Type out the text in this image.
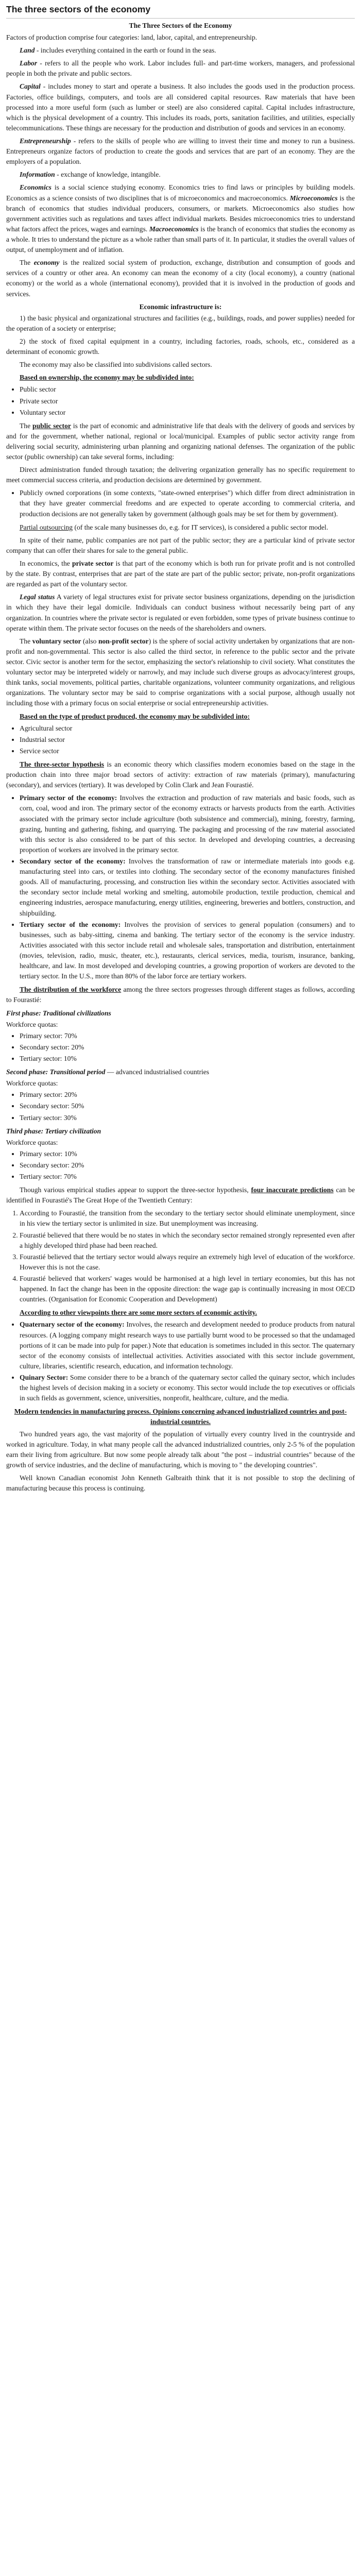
The three sectors of the economy
The Three Sectors of the Economy

Factors of production comprise four categories: land, labor, capital, and entrepreneurship.

Land - includes everything contained in the earth or found in the seas.

Labor - refers to all the people who work. Labor includes full- and part-time workers, managers, and professional people in both the private and public sectors.

Capital - includes money to start and operate a business. It also includes the goods used in the production process. Factories, office buildings, computers, and tools are all considered capital resources. Raw materials that have been processed into a more useful form (such as lumber or steel) are also considered capital. Capital includes infrastructure, which is the physical development of a country. This includes its roads, ports, sanitation facilities, and utilities, especially telecommunications. These things are necessary for the production and distribution of goods and services in an economy.

Entrepreneurship - refers to the skills of people who are willing to invest their time and money to run a business. Entrepreneurs organize factors of production to create the goods and services that are part of an economy. They are the employers of a population.

Information - exchange of knowledge, intangible.

Economics is a social science studying economy. Economics tries to find laws or principles by building models. Economics as a science consists of two disciplines that is of microeconomics and macroeconomics. Microeconomics is the branch of economics that studies individual producers, consumers, or markets. Microeconomics also studies how government activities such as regulations and taxes affect individual markets. Besides microeconomics tries to understand what factors affect the prices, wages and earnings. Macroeconomics is the branch of economics that studies the economy as a whole. It tries to understand the picture as a whole rather than small parts of it. In particular, it studies the overall values of output, of unemployment and of inflation.

The economy is the realized social system of production, exchange, distribution and consumption of goods and services of a country or other area. An economy can mean the economy of a city (local economy), a country (national economy) or the world as a whole (international economy), provided that it is involved in the production of goods and services.

Economic infrastructure is:

1) the basic physical and organizational structures and facilities (e.g., buildings, roads, and power supplies) needed for the operation of a society or enterprise;

2) the stock of fixed capital equipment in a country, including factories, roads, schools, etc., considered as a determinant of economic growth.

The economy may also be classified into subdivisions called sectors.

Based on ownership, the economy may be subdivided into:
• Public sector
• Private sector
• Voluntary sector

The public sector is the part of economic and administrative life that deals with the delivery of goods and services by and for the government, whether national, regional or local/municipal. Examples of public sector activity range from delivering social security, administering urban planning and organizing national defenses. The organization of the public sector (public ownership) can take several forms, including:

Direct administration funded through taxation; the delivering organization generally has no specific requirement to meet commercial success criteria, and production decisions are determined by government.

• Publicly owned corporations (in some contexts, "state-owned enterprises") which differ from direct administration in that they have greater commercial freedoms and are expected to operate according to commercial criteria, and production decisions are not generally taken by government (although goals may be set for them by government).

Partial outsourcing (of the scale many businesses do, e.g. for IT services), is considered a public sector model.

In spite of their name, public companies are not part of the public sector; they are a particular kind of private sector company that can offer their shares for sale to the general public.

In economics, the private sector is that part of the economy which is both run for private profit and is not controlled by the state. By contrast, enterprises that are part of the state are part of the public sector; private, non-profit organizations are regarded as part of the voluntary sector.

Legal status A variety of legal structures exist for private sector business organizations, depending on the jurisdiction in which they have their legal domicile. Individuals can conduct business without necessarily being part of any organization. In countries where the private sector is regulated or even forbidden, some types of private business continue to operate within them. The private sector focuses on the needs of the shareholders and owners.

The voluntary sector (also non-profit sector) is the sphere of social activity undertaken by organizations that are non-profit and non-governmental. This sector is also called the third sector, in reference to the public sector and the private sector. Civic sector is another term for the sector, emphasizing the sector's relationship to civil society. What constitutes the voluntary sector may be interpreted widely or narrowly, and may include such diverse groups as advocacy/interest groups, think tanks, social movements, political parties, charitable organizations, volunteer community organizations, and religious organizations. The voluntary sector may be said to comprise organizations with a social purpose, although usually not including those with a primary focus on social enterprise or social entrepreneurship activities.

Based on the type of product produced, the economy may be subdivided into:
• Agricultural sector
• Industrial sector
• Service sector

The three-sector hypothesis is an economic theory which classifies modern economies based on the stage in the production chain into three major broad sectors of activity: extraction of raw materials (primary), manufacturing (secondary), and services (tertiary). It was developed by Colin Clark and Jean Fourastié.

• Primary sector of the economy: Involves the extraction and production of raw materials and basic foods, such as corn, coal, wood and iron. The primary sector of the economy extracts or harvests products from the earth. Activities associated with the primary sector include agriculture (both subsistence and commercial), mining, forestry, farming, grazing, hunting and gathering, fishing, and quarrying. The packaging and processing of the raw material associated with this sector is also considered to be part of this sector. In developed and developing countries, a decreasing proportion of workers are involved in the primary sector.
• Secondary sector of the economy: Involves the transformation of raw or intermediate materials into goods e.g. manufacturing steel into cars, or textiles into clothing. The secondary sector of the economy manufactures finished goods. All of manufacturing, processing, and construction lies within the secondary sector. Activities associated with the secondary sector include metal working and smelting, automobile production, textile production, chemical and engineering industries, aerospace manufacturing, energy utilities, engineering, breweries and bottlers, construction, and shipbuilding.
• Tertiary sector of the economy: Involves the provision of services to general population (consumers) and to businesses, such as baby-sitting, cinema and banking. The tertiary sector of the economy is the service industry. Activities associated with this sector include retail and wholesale sales, transportation and distribution, entertainment (movies, television, radio, music, theater, etc.), restaurants, clerical services, media, tourism, insurance, banking, healthcare, and law. In most developed and developing countries, a growing proportion of workers are devoted to the tertiary sector. In the U.S., more than 80% of the labor force are tertiary workers.

The distribution of the workforce among the three sectors progresses through different stages as follows, according to Fourastié:

First phase: Traditional civilizations

Workforce quotas:

• Primary sector: 70%
• Secondary sector: 20%
• Tertiary sector: 10%

Second phase: Transitional period — advanced industrialised countries

Workforce quotas:

• Primary sector: 20%
• Secondary sector: 50%
• Tertiary sector: 30%

Third phase: Tertiary civilization

Workforce quotas:

• Primary sector: 10%
• Secondary sector: 20%
• Tertiary sector: 70%

Though various empirical studies appear to support the three-sector hypothesis, four inaccurate predictions can be identified in Fourastié's The Great Hope of the Twentieth Century:

1. According to Fourastié, the transition from the secondary to the tertiary sector should eliminate unemployment, since in his view the tertiary sector is unlimited in size. But unemployment was increasing.
2. Fourastié believed that there would be no states in which the secondary sector remained strongly represented even after a highly developed third phase had been reached.
3. Fourastié believed that the tertiary sector would always require an extremely high level of education of the workforce. However this is not the case.
4. Fourastié believed that workers' wages would be harmonised at a high level in tertiary economies, but this has not happened. In fact the change has been in the opposite direction: the wage gap is continually increasing in most OECD countries. (Organisation for Economic Cooperation and Development)
According to other viewpoints there are some more sectors of economic activity.
• Quaternary sector of the economy: Involves, the research and development needed to produce products from natural resources. (A logging company might research ways to use partially burnt wood to be processed so that the undamaged portions of it can be made into pulp for paper.) Note that education is sometimes included in this sector. The quaternary sector of the economy consists of intellectual activities. Activities associated with this sector include government, culture, libraries, scientific research, education, and information technology.
• Quinary Sector: Some consider there to be a branch of the quaternary sector called the quinary sector, which includes the highest levels of decision making in a society or economy. This sector would include the top executives or officials in such fields as government, science, universities, nonprofit, healthcare, culture, and the media.
Modern tendencies in manufacturing process. Opinions concerning advanced industrialized countries and post-industrial countries.

Two hundred years ago, the vast majority of the population of virtually every country lived in the countryside and worked in agriculture. Today, in what many people call the advanced industrialized countries, only 2-5 % of the population earn their living from agriculture. But now some people already talk about "the post – industrial countries" because of the growth of service industries, and the decline of manufacturing, which is moving to " the developing countries".

Well known Canadian economist John Kenneth Galbraith think that it is not possible to stop the declining of manufacturing because this process is continuing.
